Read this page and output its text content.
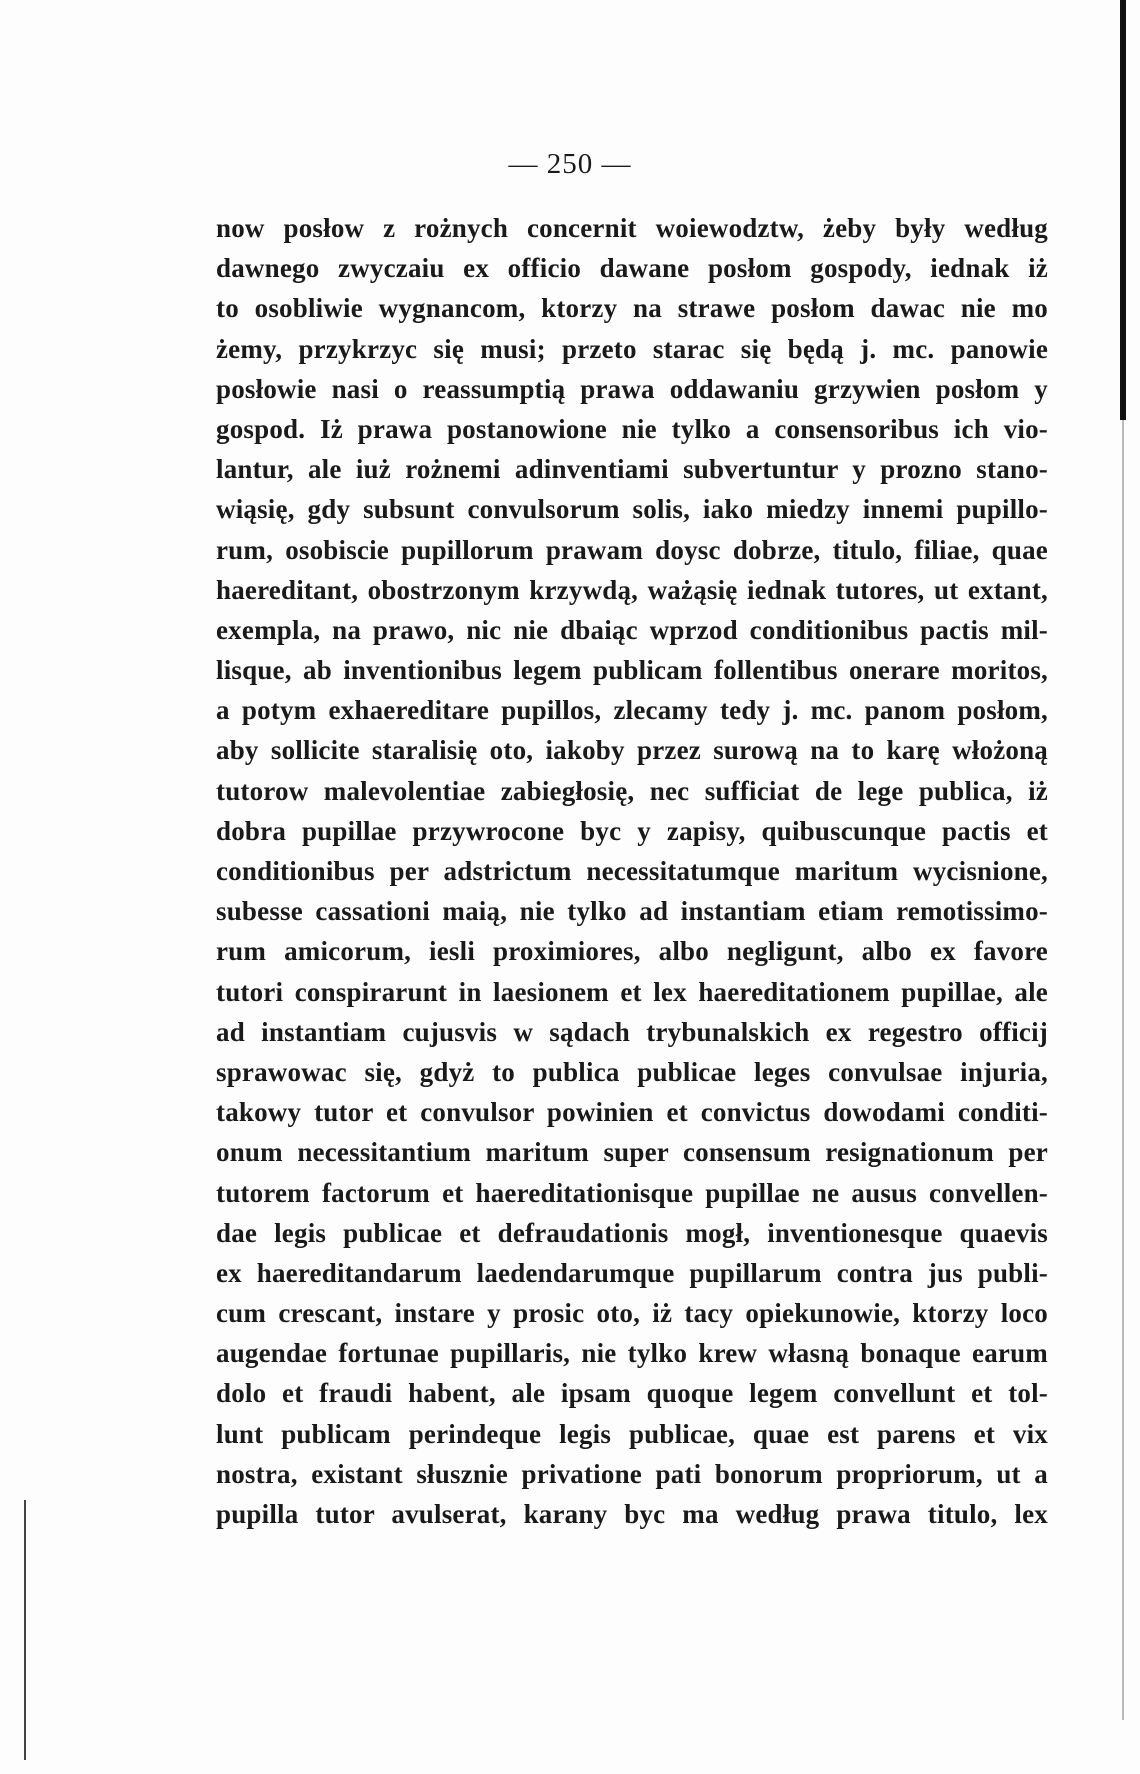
— 250 —
now posłow z rożnych concernit woiewodztw, żeby były według
dawnego zwyczaiu ex officio dawane posłom gospody, iednak iż
to osobliwie wygnancom, ktorzy na strawe posłom dawac nie mo
żemy, przykrzyc się musi; przeto starac się będą j. mc. panowie
posłowie nasi o reassumptią prawa oddawaniu grzywien posłom y
gospod. Iż prawa postanowione nie tylko a consensoribus ich vio-
lantur, ale iuż rożnemi adinventiami subvertuntur y prozno stano-
wiąsię, gdy subsunt convulsorum solis, iako miedzy innemi pupillo-
rum, osobiscie pupillorum prawam doysc dobrze, titulo, filiae, quae
haereditant, obostrzonym krzywdą, ważąsię iednak tutores, ut extant,
exempla, na prawo, nic nie dbaiąc wprzod conditionibus pactis mil-
lisque, ab inventionibus legem publicam follentibus onerare moritos,
a potym exhaereditare pupillos, zlecamy tedy j. mc. panom posłom,
aby sollicite staralisię oto, iakoby przez surową na to karę włożoną
tutorow malevolentiae zabiegłosię, nec sufficiat de lege publica, iż
dobra pupillae przywrocone byc y zapisy, quibuscunque pactis et
conditionibus per adstrictum necessitatumque maritum wycisnione,
subesse cassationi maią, nie tylko ad instantiam etiam remotissimo-
rum amicorum, iesli proximiores, albo negligunt, albo ex favore
tutori conspirarunt in laesionem et lex haereditationem pupillae, ale
ad instantiam cujusvis w sądach trybunalskich ex regestro officij
sprawowac się, gdyż to publica publicae leges convulsae injuria,
takowy tutor et convulsor powinien et convictus dowodami conditi-
onum necessitantium maritum super consensum resignationum per
tutorem factorum et haereditationisque pupillae ne ausus convellen-
dae legis publicae et defraudationis mogł, inventionesque quaevis
ex haereditandarum laedendarumque pupillarum contra jus publi-
cum crescant, instare y prosic oto, iż tacy opiekunowie, ktorzy loco
augendae fortunae pupillaris, nie tylko krew własną bonaque earum
dolo et fraudi habent, ale ipsam quoque legem convellunt et tol-
lunt publicam perindeque legis publicae, quae est parens et vix
nostra, existant słusznie privatione pati bonorum propriorum, ut a
pupilla tutor avulserat, karany byc ma według prawa titulo, lex
